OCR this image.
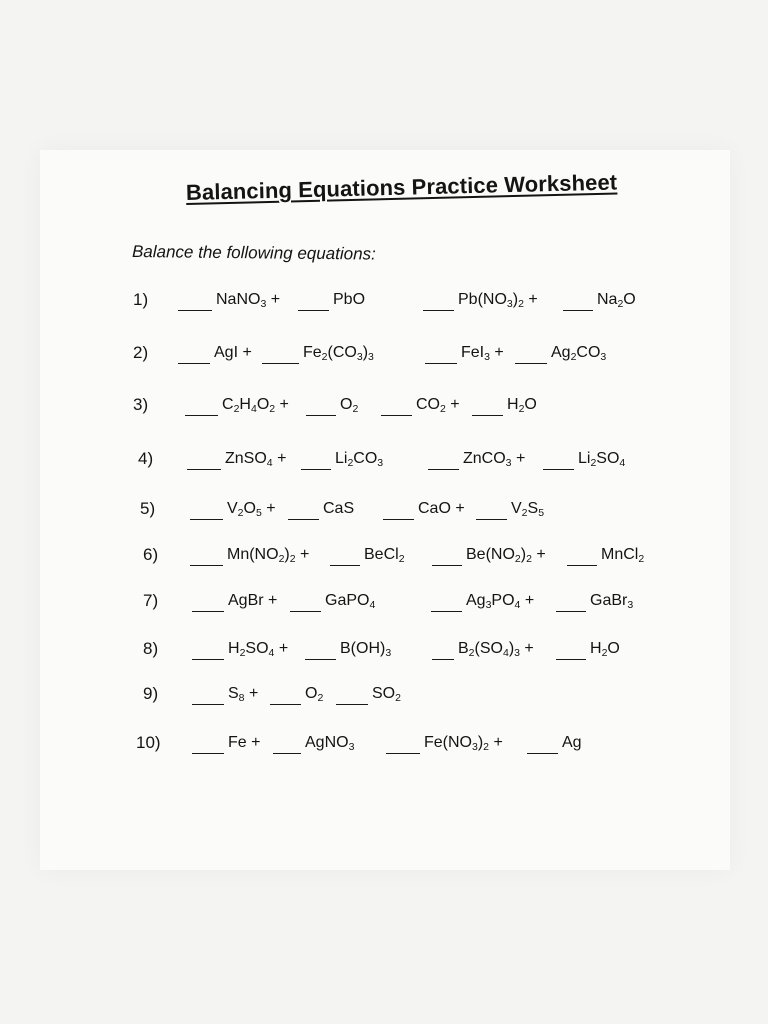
Balancing Equations Practice Worksheet
Balance the following equations:
1)	NaNO$_3$ +	PbO	$Pb(NO_3)_2$ +	$Na_2O$
2)	AgI +	$Fe_2(CO_3)_3$	FeI$_3$ +	$Ag_2CO_3$
3)	$C_2H_4O_2$ +	$O_2$	$CO_2$ +	$H_2O$
4)	ZnSO$_4$ +	$Li_2CO_3$	ZnCO$_3$ +	$Li_2SO_4$
5)	$V_2O_5$ +	CaS	CaO +	$V_2S_5$
6)	$Mn(NO_2)_2$ +	BeCl$_2$	$Be(NO_2)_2$ +	MnCl$_2$
7)	AgBr +	GaPO$_4$	$Ag_3PO_4$ +	GaBr$_3$
8)	$H_2SO_4$ +	$B(OH)_3$	$B_2(SO_4)_3$ +	$H_2O$
9)	$S_8$ +	$O_2$	$SO_2$
10)	Fe +	AgNO$_3$	$Fe(NO_3)_2$ +	Ag
